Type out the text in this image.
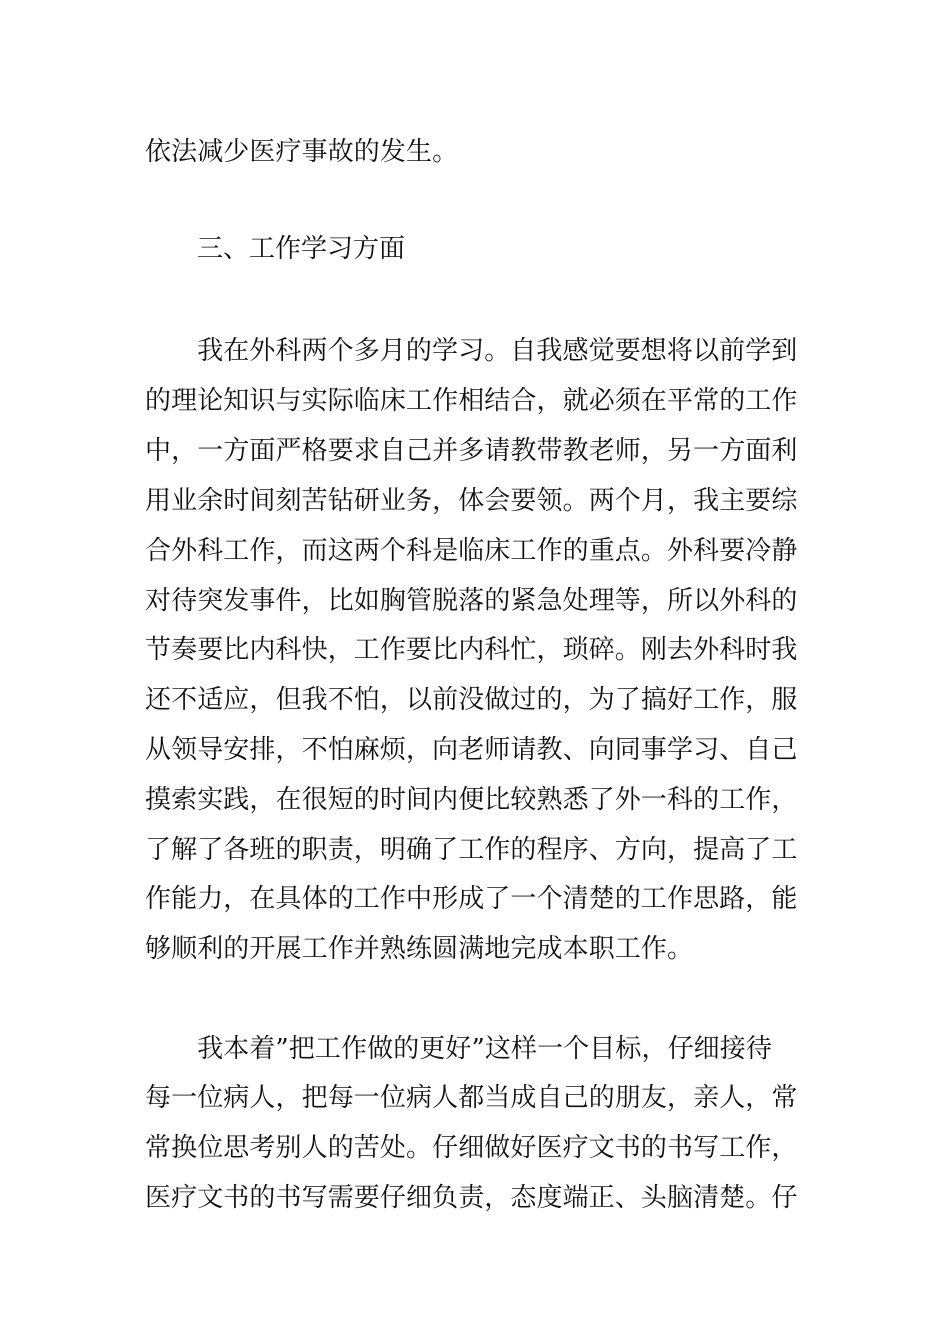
依法减少医疗事故的发生。
三、工作学习方面
　我在外科两个多月的学习。自我感觉要想将以前学到
的理论知识与实际临床工作相结合，就必须在平常的工作
中，一方面严格要求自己并多请教带教老师，另一方面利
用业余时间刻苦钻研业务，体会要领。两个月，我主要综
合外科工作，而这两个科是临床工作的重点。外科要冷静
对待突发事件，比如胸管脱落的紧急处理等，所以外科的
节奏要比内科快，工作要比内科忙，琐碎。刚去外科时我
还不适应，但我不怕，以前没做过的，为了搞好工作，服
从领导安排，不怕麻烦，向老师请教、向同事学习、自己
摸索实践，在很短的时间内便比较熟悉了外一科的工作，
了解了各班的职责，明确了工作的程序、方向，提高了工
作能力，在具体的工作中形成了一个清楚的工作思路，能
够顺利的开展工作并熟练圆满地完成本职工作。
　我本着”把工作做的更好”这样一个目标，仔细接待
每一位病人，把每一位病人都当成自己的朋友，亲人，常
常换位思考别人的苦处。仔细做好医疗文书的书写工作，
医疗文书的书写需要仔细负责，态度端正、头脑清楚。仔
